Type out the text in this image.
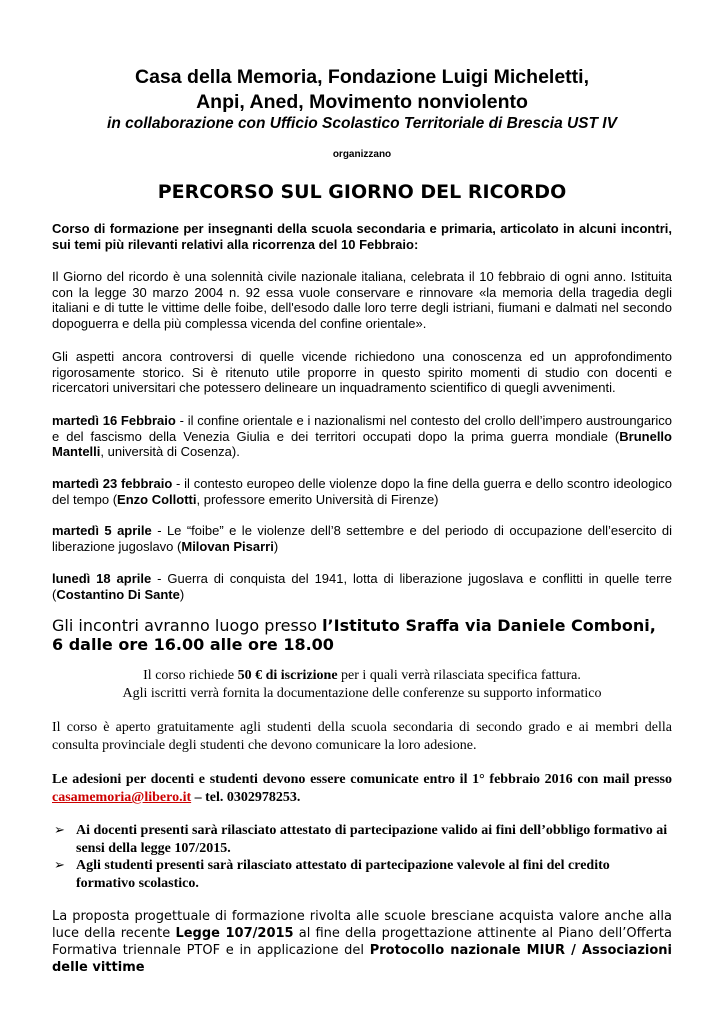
Casa della Memoria, Fondazione Luigi Micheletti,
Anpi, Aned, Movimento nonviolento
in collaborazione con Ufficio Scolastico Territoriale di Brescia UST IV
organizzano
PERCORSO SUL GIORNO DEL RICORDO
Corso di formazione per insegnanti della scuola secondaria e primaria, articolato in alcuni incontri, sui temi più rilevanti relativi alla ricorrenza del 10 Febbraio:
Il Giorno del ricordo è una solennità civile nazionale italiana, celebrata il 10 febbraio di ogni anno. Istituita con la legge 30 marzo 2004 n. 92 essa vuole conservare e rinnovare «la memoria della tragedia degli italiani e di tutte le vittime delle foibe, dell'esodo dalle loro terre degli istriani, fiumani e dalmati nel secondo dopoguerra e della più complessa vicenda del confine orientale».
Gli aspetti ancora controversi di quelle vicende richiedono una conoscenza ed un approfondimento rigorosamente storico. Si è ritenuto utile proporre in questo spirito momenti di studio con docenti e ricercatori universitari che potessero delineare un inquadramento scientifico di quegli avvenimenti.
martedì 16 Febbraio - il confine orientale e i nazionalismi nel contesto del crollo dell’impero austroungarico e del fascismo della Venezia Giulia e dei territori occupati dopo la prima guerra mondiale (Brunello Mantelli, università di Cosenza).
martedì 23 febbraio - il contesto europeo delle violenze dopo la fine della guerra e dello scontro ideologico del tempo (Enzo Collotti, professore emerito Università di Firenze)
martedì 5 aprile - Le “foibe” e le violenze dell’8 settembre e del periodo di occupazione dell’esercito di liberazione jugoslavo (Milovan Pisarri)
lunedì 18 aprile - Guerra di conquista del 1941, lotta di liberazione jugoslava e conflitti in quelle terre (Costantino Di Sante)
Gli incontri avranno luogo presso l’Istituto Sraffa via Daniele Comboni, 6 dalle ore 16.00 alle ore 18.00
Il corso richiede 50 € di iscrizione per i quali verrà rilasciata specifica fattura.
Agli iscritti verrà fornita la documentazione delle conferenze su supporto informatico
Il corso è aperto gratuitamente agli studenti della scuola secondaria di secondo grado e ai membri della consulta provinciale degli studenti che devono comunicare la loro adesione.
Le adesioni per docenti e studenti devono essere comunicate entro il 1° febbraio 2016 con mail presso casamemoria@libero.it – tel. 0302978253.
➢ Ai docenti presenti sarà rilasciato attestato di partecipazione valido ai fini dell’obbligo formativo ai sensi della legge 107/2015.
➢ Agli studenti presenti sarà rilasciato attestato di partecipazione valevole al fini del credito formativo scolastico.
La proposta progettuale di formazione rivolta alle scuole bresciane acquista valore anche alla luce della recente Legge 107/2015 al fine della progettazione attinente al Piano dell’Offerta Formativa triennale PTOF e in applicazione del Protocollo nazionale MIUR / Associazioni delle vittime
